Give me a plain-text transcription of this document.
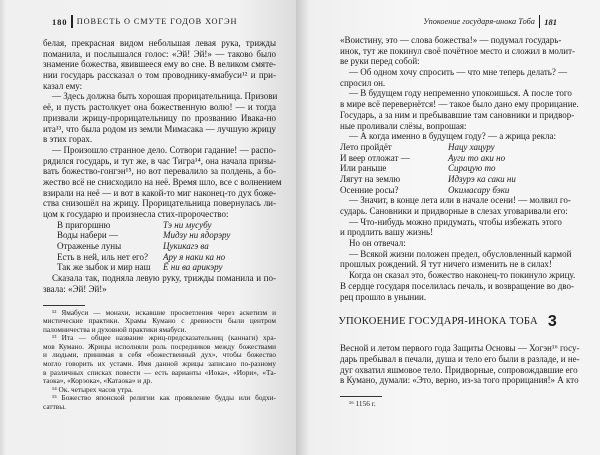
180 ПОВЕСТЬ О СМУТЕ ГОДОВ ХОГЭН
белая, прекрасная видом небольшая левая рука, трижды
поманила, и послышался голос: «Эй! Эй!» — таково было
знамение божества, явившееся ему во сне. В великом смяте-
нии государь рассказал о том проводнику-ямабуси¹² и при-
казал ему:
— Здесь должна быть хорошая прорицательница. Призови
её, и пусть растолкует она божественную волю! — и тогда
призвали жрицу-прорицательницу по прозванию Ивака-но
ита¹³, что была родом из земли Мимасака — лучшую жрицу
в этих горах.
— Произошло странное дело. Сотвори гадание! — распо-
рядился государь, и тут же, в час Тигра¹⁴, она начала призы-
вать божество-гонгэн¹⁵, но вот перевалило за полдень, а бо-
жество всё не снисходило на неё. Время шло, все с волнением
взирали на неё — и вот в какой-то миг наконец-то дух боже-
ства снизошёл на жрицу. Прорицательница повернулась ли-
цом к государю и произнесла стих-пророчество:
В пригоршню	Тэ ни мусубу
Воды набери —	Мидзу ни ядорэру
Отраженье луны	Цукикагэ ва
Есть в ней, иль нет его?	Ару я наки ка но
Так же зыбок и мир наш	Ё ни ва арикэру
Сказала так, подняла левую руку, трижды поманила и по-
звала: «Эй! Эй!»
¹² Ямабуси — монахи, искавшие просветления через аскетизм и
мистические практики. Храмы Кумано с древности были центром
паломничества и духовной практики ямабуси.
¹³ Ита — общее название жриц-предсказательниц (каннаги) хра-
мов Кумано. Жрицы исполняли роль посредников между божествами
и людьми, принимая в себя «божественный дух», чтобы божество
могло говорить их устами. Имя данной жрицы записано по-разному
в различных списках повести — есть варианты «Иока», «Иори», «Та-
таока», «Корэока», «Катаока» и др.
¹⁴ Ок. четырех часов утра.
¹⁵ Божество японской религии как проявление будды или бодхи-
саттвы.
Упокоение государя-инока Тоба 181
«Воистину, это — слова божества!» — подумал государь-
инок, тут же покинул своё почётное место и сложил в молит-
ве руки перед собой:
— Об одном хочу спросить — что мне теперь делать? —
спросил он.
— В будущем году непременно упокоишься. А после того
в мире всё перевернётся! — такое было дано ему прорицание.
Государь, а за ним и пребывавшие там сановники и придвор-
ные проливали слёзы, вопрошая:
— А когда именно в будущем году? — а жрица рекла:
Лето пройдёт	Нацу хацуру
И веер отложат —	Ауги то аки но
Или раньше	Сирацую то
Лягут на землю	Идзурэ ка саки ни
Осенние росы?	Окимасару бэки
— Значит, в конце лета или в начале осени! — молвил го-
сударь. Сановники и придворные в слезах уговаривали его:
— Что-нибудь можно придумать, чтобы избежать этого
и продлить вашу жизнь!
Но он отвечал:
— Всякой жизни положен предел, обусловленный кармой
прошлых рождений. Я тут ничего изменить не в силах!
Когда он сказал это, божество наконец-то покинуло жрицу.
В сердце государя поселилась печаль, и возвращение во дво-
рец прошло в унынии.
УПОКОЕНИЕ ГОСУДАРЯ-ИНОКА ТОБА 3
Весной и летом первого года Защиты Основы — Хогэн¹⁶ госу-
дарь пребывал в печали, душа и тело его были в разладе, и не-
дуг охватил яшмовое тело. Придворные, сопровождавшие его
в Кумано, думали: «Это, верно, из-за того прорицания!» А кто
¹⁶ 1156 г.
